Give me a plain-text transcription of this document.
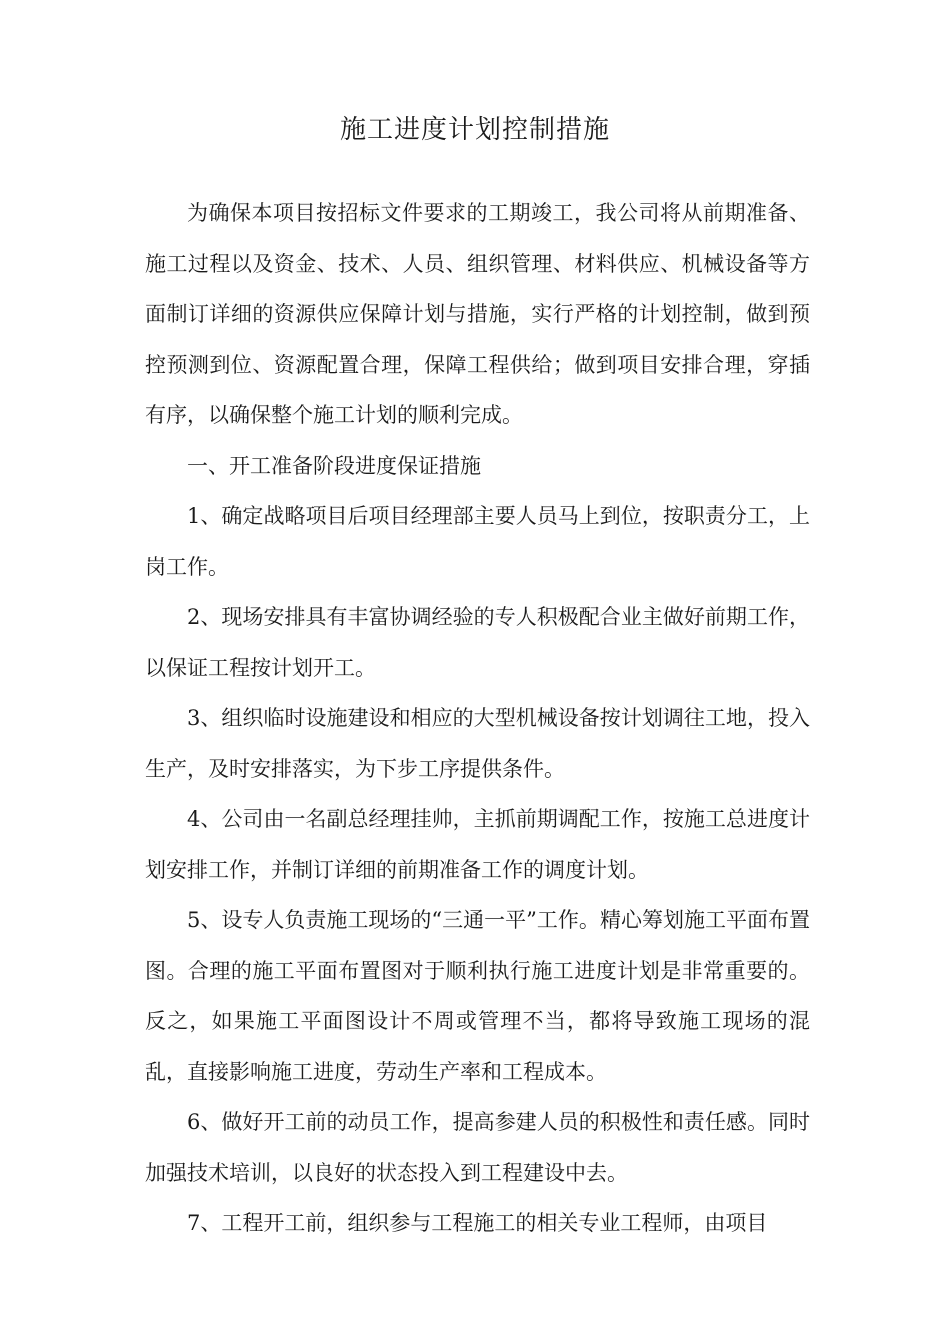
施工进度计划控制措施

为确保本项目按招标文件要求的工期竣工，我公司将从前期准备、施工过程以及资金、技术、人员、组织管理、材料供应、机械设备等方面制订详细的资源供应保障计划与措施，实行严格的计划控制，做到预控预测到位、资源配置合理，保障工程供给；做到项目安排合理，穿插有序，以确保整个施工计划的顺利完成。

一、开工准备阶段进度保证措施

1、确定战略项目后项目经理部主要人员马上到位，按职责分工，上岗工作。

2、现场安排具有丰富协调经验的专人积极配合业主做好前期工作，以保证工程按计划开工。

3、组织临时设施建设和相应的大型机械设备按计划调往工地，投入生产，及时安排落实，为下步工序提供条件。

4、公司由一名副总经理挂帅，主抓前期调配工作，按施工总进度计划安排工作，并制订详细的前期准备工作的调度计划。

5、设专人负责施工现场的“三通一平”工作。精心筹划施工平面布置图。合理的施工平面布置图对于顺利执行施工进度计划是非常重要的。反之，如果施工平面图设计不周或管理不当，都将导致施工现场的混乱，直接影响施工进度，劳动生产率和工程成本。

6、做好开工前的动员工作，提高参建人员的积极性和责任感。同时加强技术培训，以良好的状态投入到工程建设中去。

7、工程开工前，组织参与工程施工的相关专业工程师，由项目
